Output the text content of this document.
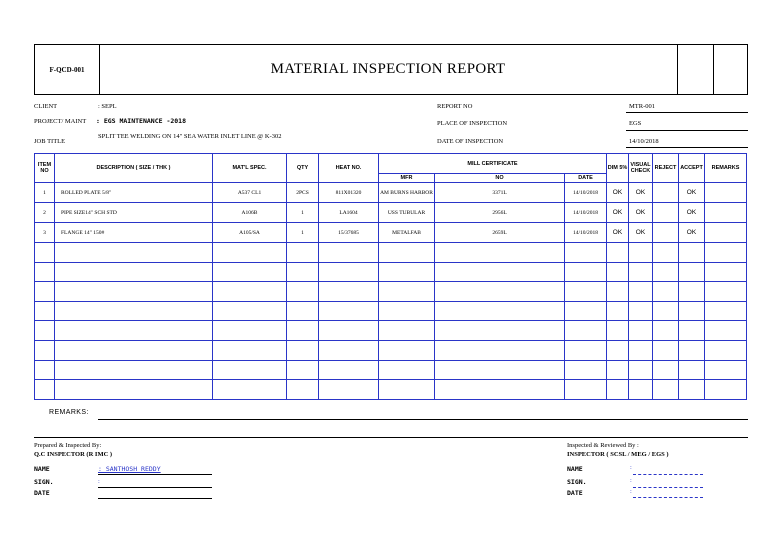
F-QCD-001	MATERIAL INSPECTION REPORT
CLIENT	: SEPL
PROJECT/ MAINT : EGS MAINTENANCE -2018
JOB TITLE
SPLIT TEE WELDING ON 14" SEA WATER INLET LINE @ K-302
REPORT NO	MTR-001
PLACE OF INSPECTION	EGS
DATE OF INSPECTION	14/10/2018
ITEM NO	DESCRIPTION ( SIZE / THK )	MAT'L SPEC.	QTY	HEAT NO.	MILL CERTIFICATE			DIM 5%	VISUAL CHECK	REJECT	ACCEPT	REMARKS
					MFR	NO	DATE					
1	ROLLED PLATE 5/8"	A537 CL1	2PCS	811X01320	AM BURNS HARBOR	3371L	14/10/2018	OK	OK		OK	
2	PIPE SIZE14" SCH STD	A106B	1	LA1604	USS TUBULAR	2956L	14/10/2018	OK	OK		OK	
3	FLANGE 14" 150#	A105/SA	1	15/37685	METALFAB	2659L	14/10/2018	OK	OK		OK	

REMARKS:
Prepared & Inspected By:
Q.C INSPECTOR (R IMC )
NAME	: SANTHOSH REDDY
SIGN.	:
DATE
Inspected & Reviewed By :
INSPECTOR ( SCSL / MEG / EGS )
NAME	:
SIGN.	:
DATE	:
